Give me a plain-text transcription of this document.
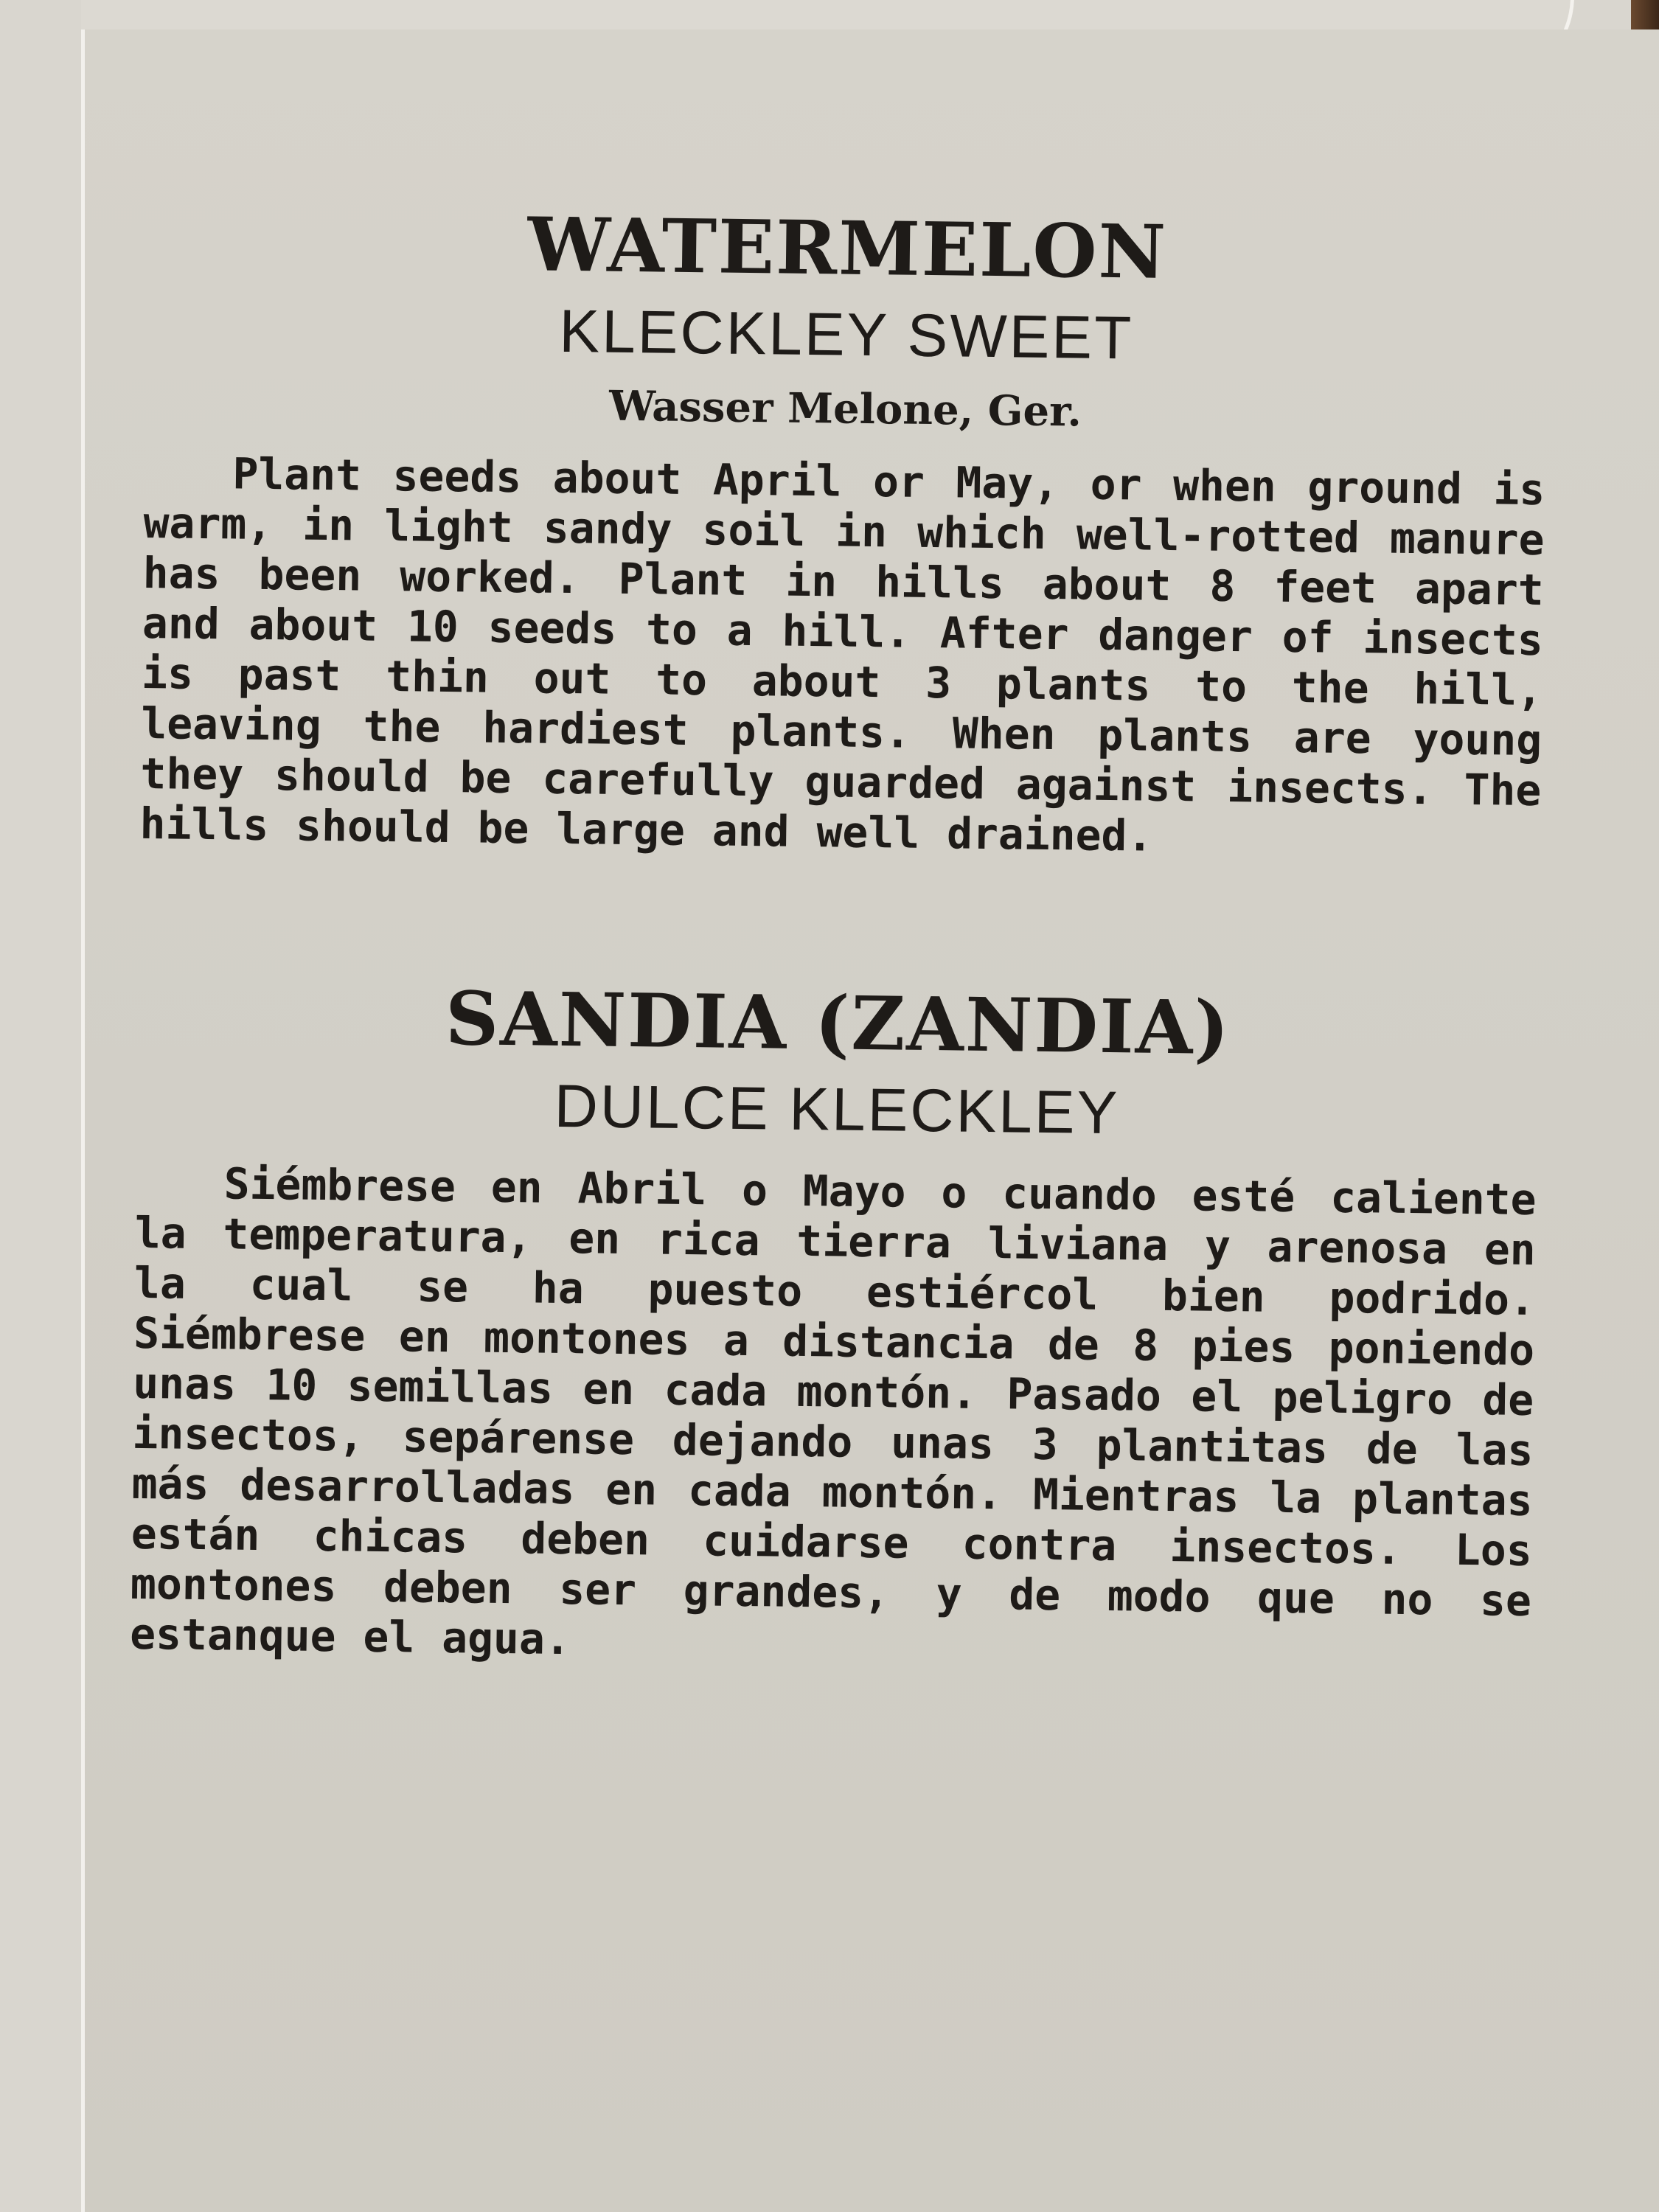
WATERMELON
KLECKLEY SWEET
Wasser Melone, Ger.

Plant seeds about April or May, or when ground is warm, in light sandy soil in which well-rotted manure has been worked. Plant in hills about 8 feet apart and about 10 seeds to a hill. After danger of insects is past thin out to about 3 plants to the hill, leaving the hardiest plants. When plants are young they should be carefully guarded against insects. The hills should be large and well drained.

SANDIA (ZANDIA)
DULCE KLECKLEY

Siémbrese en Abril o Mayo o cuando esté caliente la temperatura, en rica tierra liviana y arenosa en la cual se ha puesto estiércol bien podrido. Siémbrese en montones a distancia de 8 pies poniendo unas 10 semillas en cada montón. Pasado el peligro de insectos, sepárense dejando unas 3 plantitas de las más desarrolladas en cada montón. Mientras la plantas están chicas deben cuidarse contra insectos. Los montones deben ser grandes, y de modo que no se estanque el agua.
